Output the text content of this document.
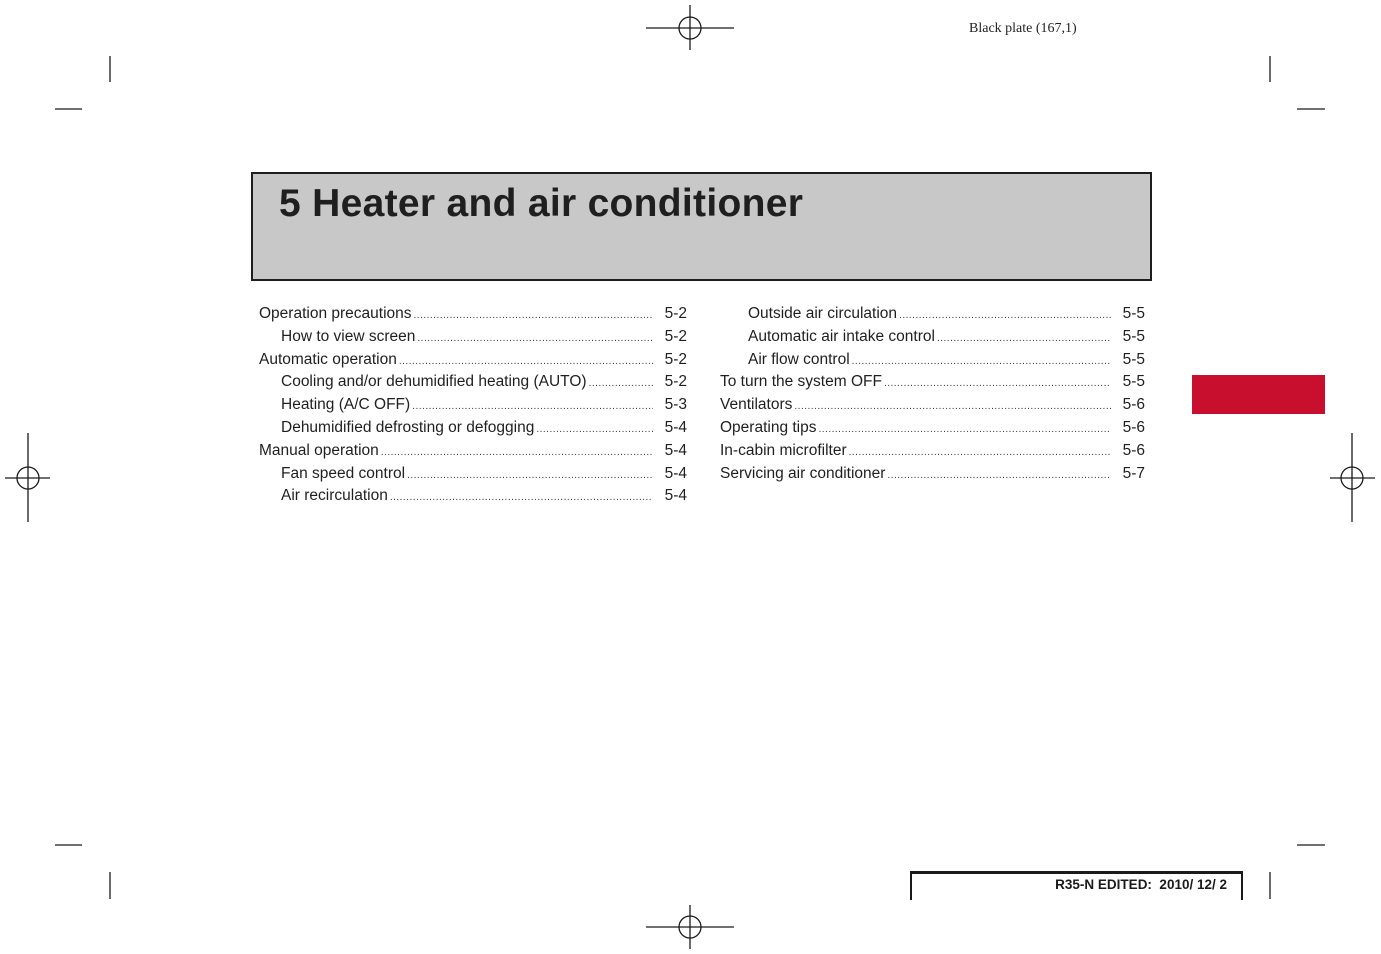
Black plate (167,1)
5 Heater and air conditioner
Operation precautions .....	5-2
How to view screen .....	5-2
Automatic operation .....	5-2
Cooling and/or dehumidified heating (AUTO) .....	5-2
Heating (A/C OFF) .....	5-3
Dehumidified defrosting or defogging .....	5-4
Manual operation .....	5-4
Fan speed control .....	5-4
Air recirculation .....	5-4
Outside air circulation .....	5-5
Automatic air intake control .....	5-5
Air flow control .....	5-5
To turn the system OFF .....	5-5
Ventilators .....	5-6
Operating tips .....	5-6
In-cabin microfilter .....	5-6
Servicing air conditioner .....	5-7
R35-N EDITED:  2010/ 12/ 2
